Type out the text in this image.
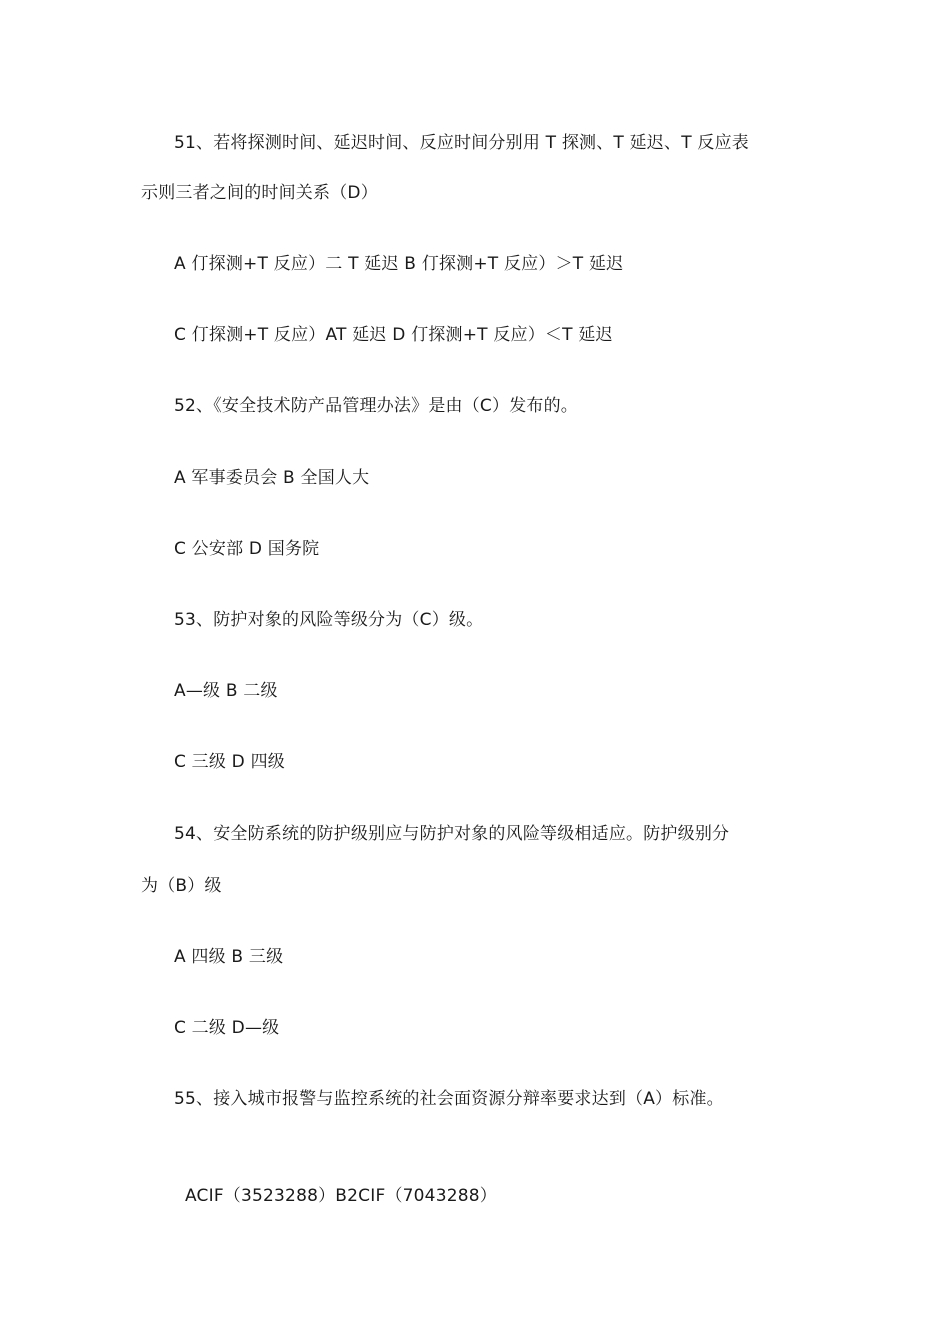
51、若将探测时间、延迟时间、反应时间分别用 T 探测、T 延迟、T 反应表
示则三者之间的时间关系（D）
A 仃探测+T 反应）二 T 延迟 B 仃探测+T 反应）＞T 延迟
C 仃探测+T 反应）AT 延迟 D 仃探测+T 反应）＜T 延迟
52、《安全技术防产品管理办法》是由（C）发布的。
A 军事委员会 B 全国人大
C 公安部 D 国务院
53、防护对象的风险等级分为（C）级。
A—级 B 二级
C 三级 D 四级
54、安全防系统的防护级别应与防护对象的风险等级相适应。防护级别分
为（B）级
A 四级 B 三级
C 二级 D—级
55、接入城市报警与监控系统的社会面资源分辩率要求达到（A）标准。
ACIF（3523288）B2CIF（7043288）
